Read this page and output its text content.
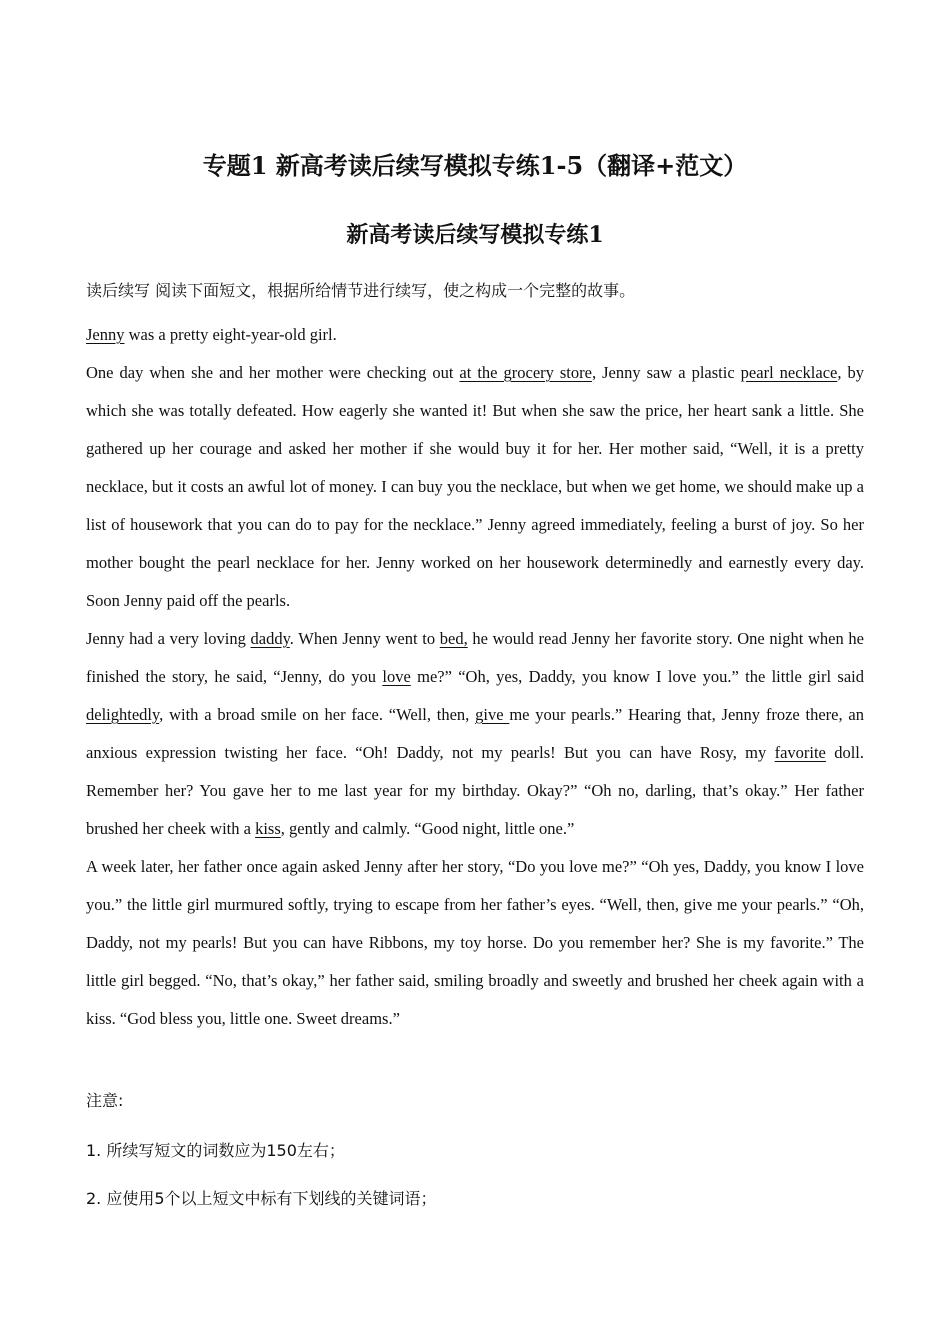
专题1 新高考读后续写模拟专练1-5（翻译+范文）
新高考读后续写模拟专练1

读后续写 阅读下面短文，根据所给情节进行续写，使之构成一个完整的故事。

Jenny was a pretty eight-year-old girl.

One day when she and her mother were checking out at the grocery store, Jenny saw a plastic pearl necklace, by which she was totally defeated. How eagerly she wanted it! But when she saw the price, her heart sank a little. She gathered up her courage and asked her mother if she would buy it for her. Her mother said, “Well, it is a pretty necklace, but it costs an awful lot of money. I can buy you the necklace, but when we get home, we should make up a list of housework that you can do to pay for the necklace.” Jenny agreed immediately, feeling a burst of joy. So her mother bought the pearl necklace for her. Jenny worked on her housework determinedly and earnestly every day. Soon Jenny paid off the pearls.

Jenny had a very loving daddy. When Jenny went to bed, he would read Jenny her favorite story. One night when he finished the story, he said, “Jenny, do you love me?” “Oh, yes, Daddy, you know I love you.” the little girl said delightedly, with a broad smile on her face. “Well, then, give me your pearls.” Hearing that, Jenny froze there, an anxious expression twisting her face. “Oh! Daddy, not my pearls! But you can have Rosy, my favorite doll. Remember her? You gave her to me last year for my birthday. Okay?” “Oh no, darling, that’s okay.” Her father brushed her cheek with a kiss, gently and calmly. “Good night, little one.”

A week later, her father once again asked Jenny after her story, “Do you love me?” “Oh yes, Daddy, you know I love you.” the little girl murmured softly, trying to escape from her father’s eyes. “Well, then, give me your pearls.” “Oh, Daddy, not my pearls! But you can have Ribbons, my toy horse. Do you remember her? She is my favorite.” The little girl begged. “No, that’s okay,” her father said, smiling broadly and sweetly and brushed her cheek again with a kiss. “God bless you, little one. Sweet dreams.”

注意:

1. 所续写短文的词数应为150左右；

2. 应使用5个以上短文中标有下划线的关键词语；
